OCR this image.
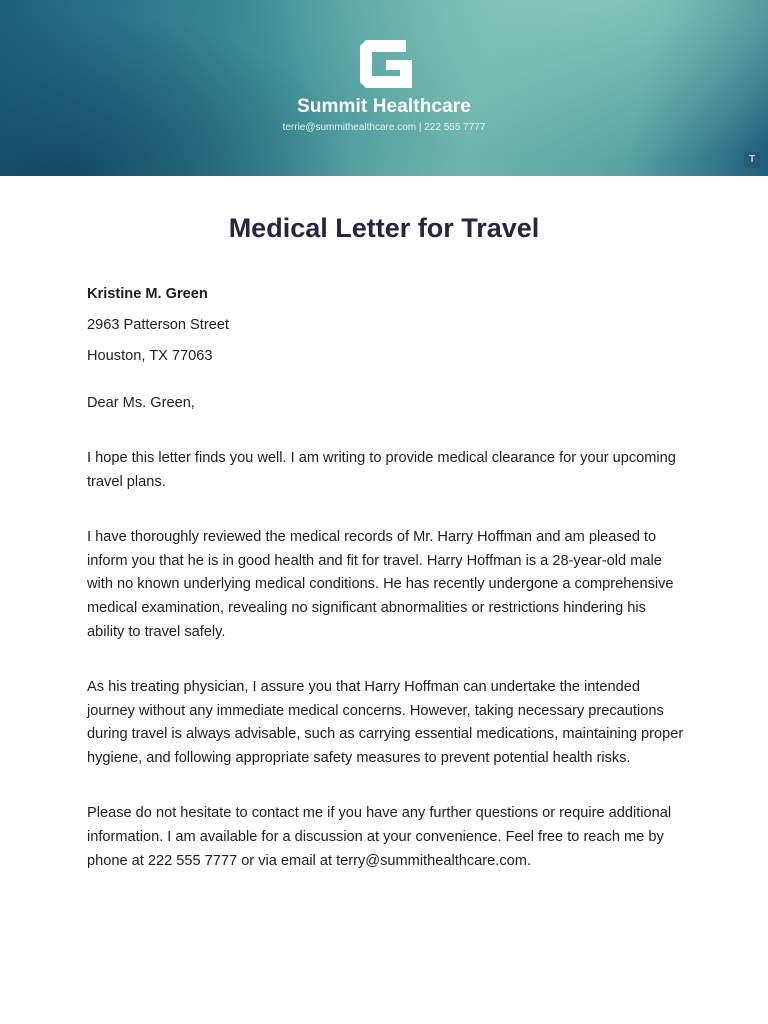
Summit Healthcare
terrie@summithealthcare.com | 222 555 7777
T
Medical Letter for Travel
Kristine M. Green
2963 Patterson Street
Houston, TX 77063
Dear Ms. Green,

I hope this letter finds you well. I am writing to provide medical clearance for your upcoming travel plans.

I have thoroughly reviewed the medical records of Mr. Harry Hoffman and am pleased to inform you that he is in good health and fit for travel. Harry Hoffman is a 28-year-old male with no known underlying medical conditions. He has recently undergone a comprehensive medical examination, revealing no significant abnormalities or restrictions hindering his ability to travel safely.

As his treating physician, I assure you that Harry Hoffman can undertake the intended journey without any immediate medical concerns. However, taking necessary precautions during travel is always advisable, such as carrying essential medications, maintaining proper hygiene, and following appropriate safety measures to prevent potential health risks.

Please do not hesitate to contact me if you have any further questions or require additional information. I am available for a discussion at your convenience. Feel free to reach me by phone at 222 555 7777 or via email at terry@summithealthcare.com.
